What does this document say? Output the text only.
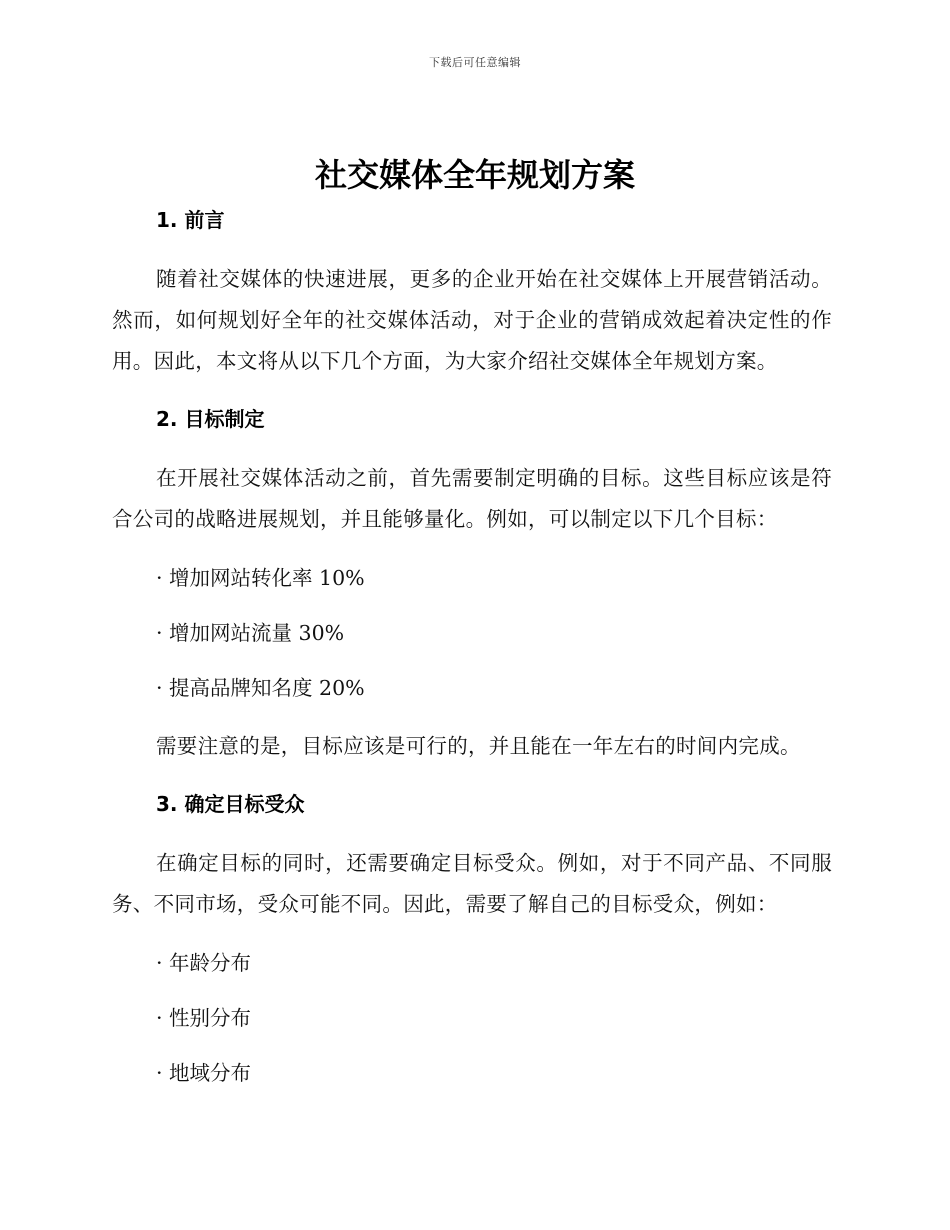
下载后可任意编辑
社交媒体全年规划方案
1. 前言

随着社交媒体的快速进展，更多的企业开始在社交媒体上开展营销活动。然而，如何规划好全年的社交媒体活动，对于企业的营销成效起着决定性的作用。因此，本文将从以下几个方面，为大家介绍社交媒体全年规划方案。

2. 目标制定

在开展社交媒体活动之前，首先需要制定明确的目标。这些目标应该是符合公司的战略进展规划，并且能够量化。例如，可以制定以下几个目标：

· 增加网站转化率 10%

· 增加网站流量 30%

· 提高品牌知名度 20%

需要注意的是，目标应该是可行的，并且能在一年左右的时间内完成。

3. 确定目标受众

在确定目标的同时，还需要确定目标受众。例如，对于不同产品、不同服务、不同市场，受众可能不同。因此，需要了解自己的目标受众，例如：

· 年龄分布

· 性别分布

· 地域分布
